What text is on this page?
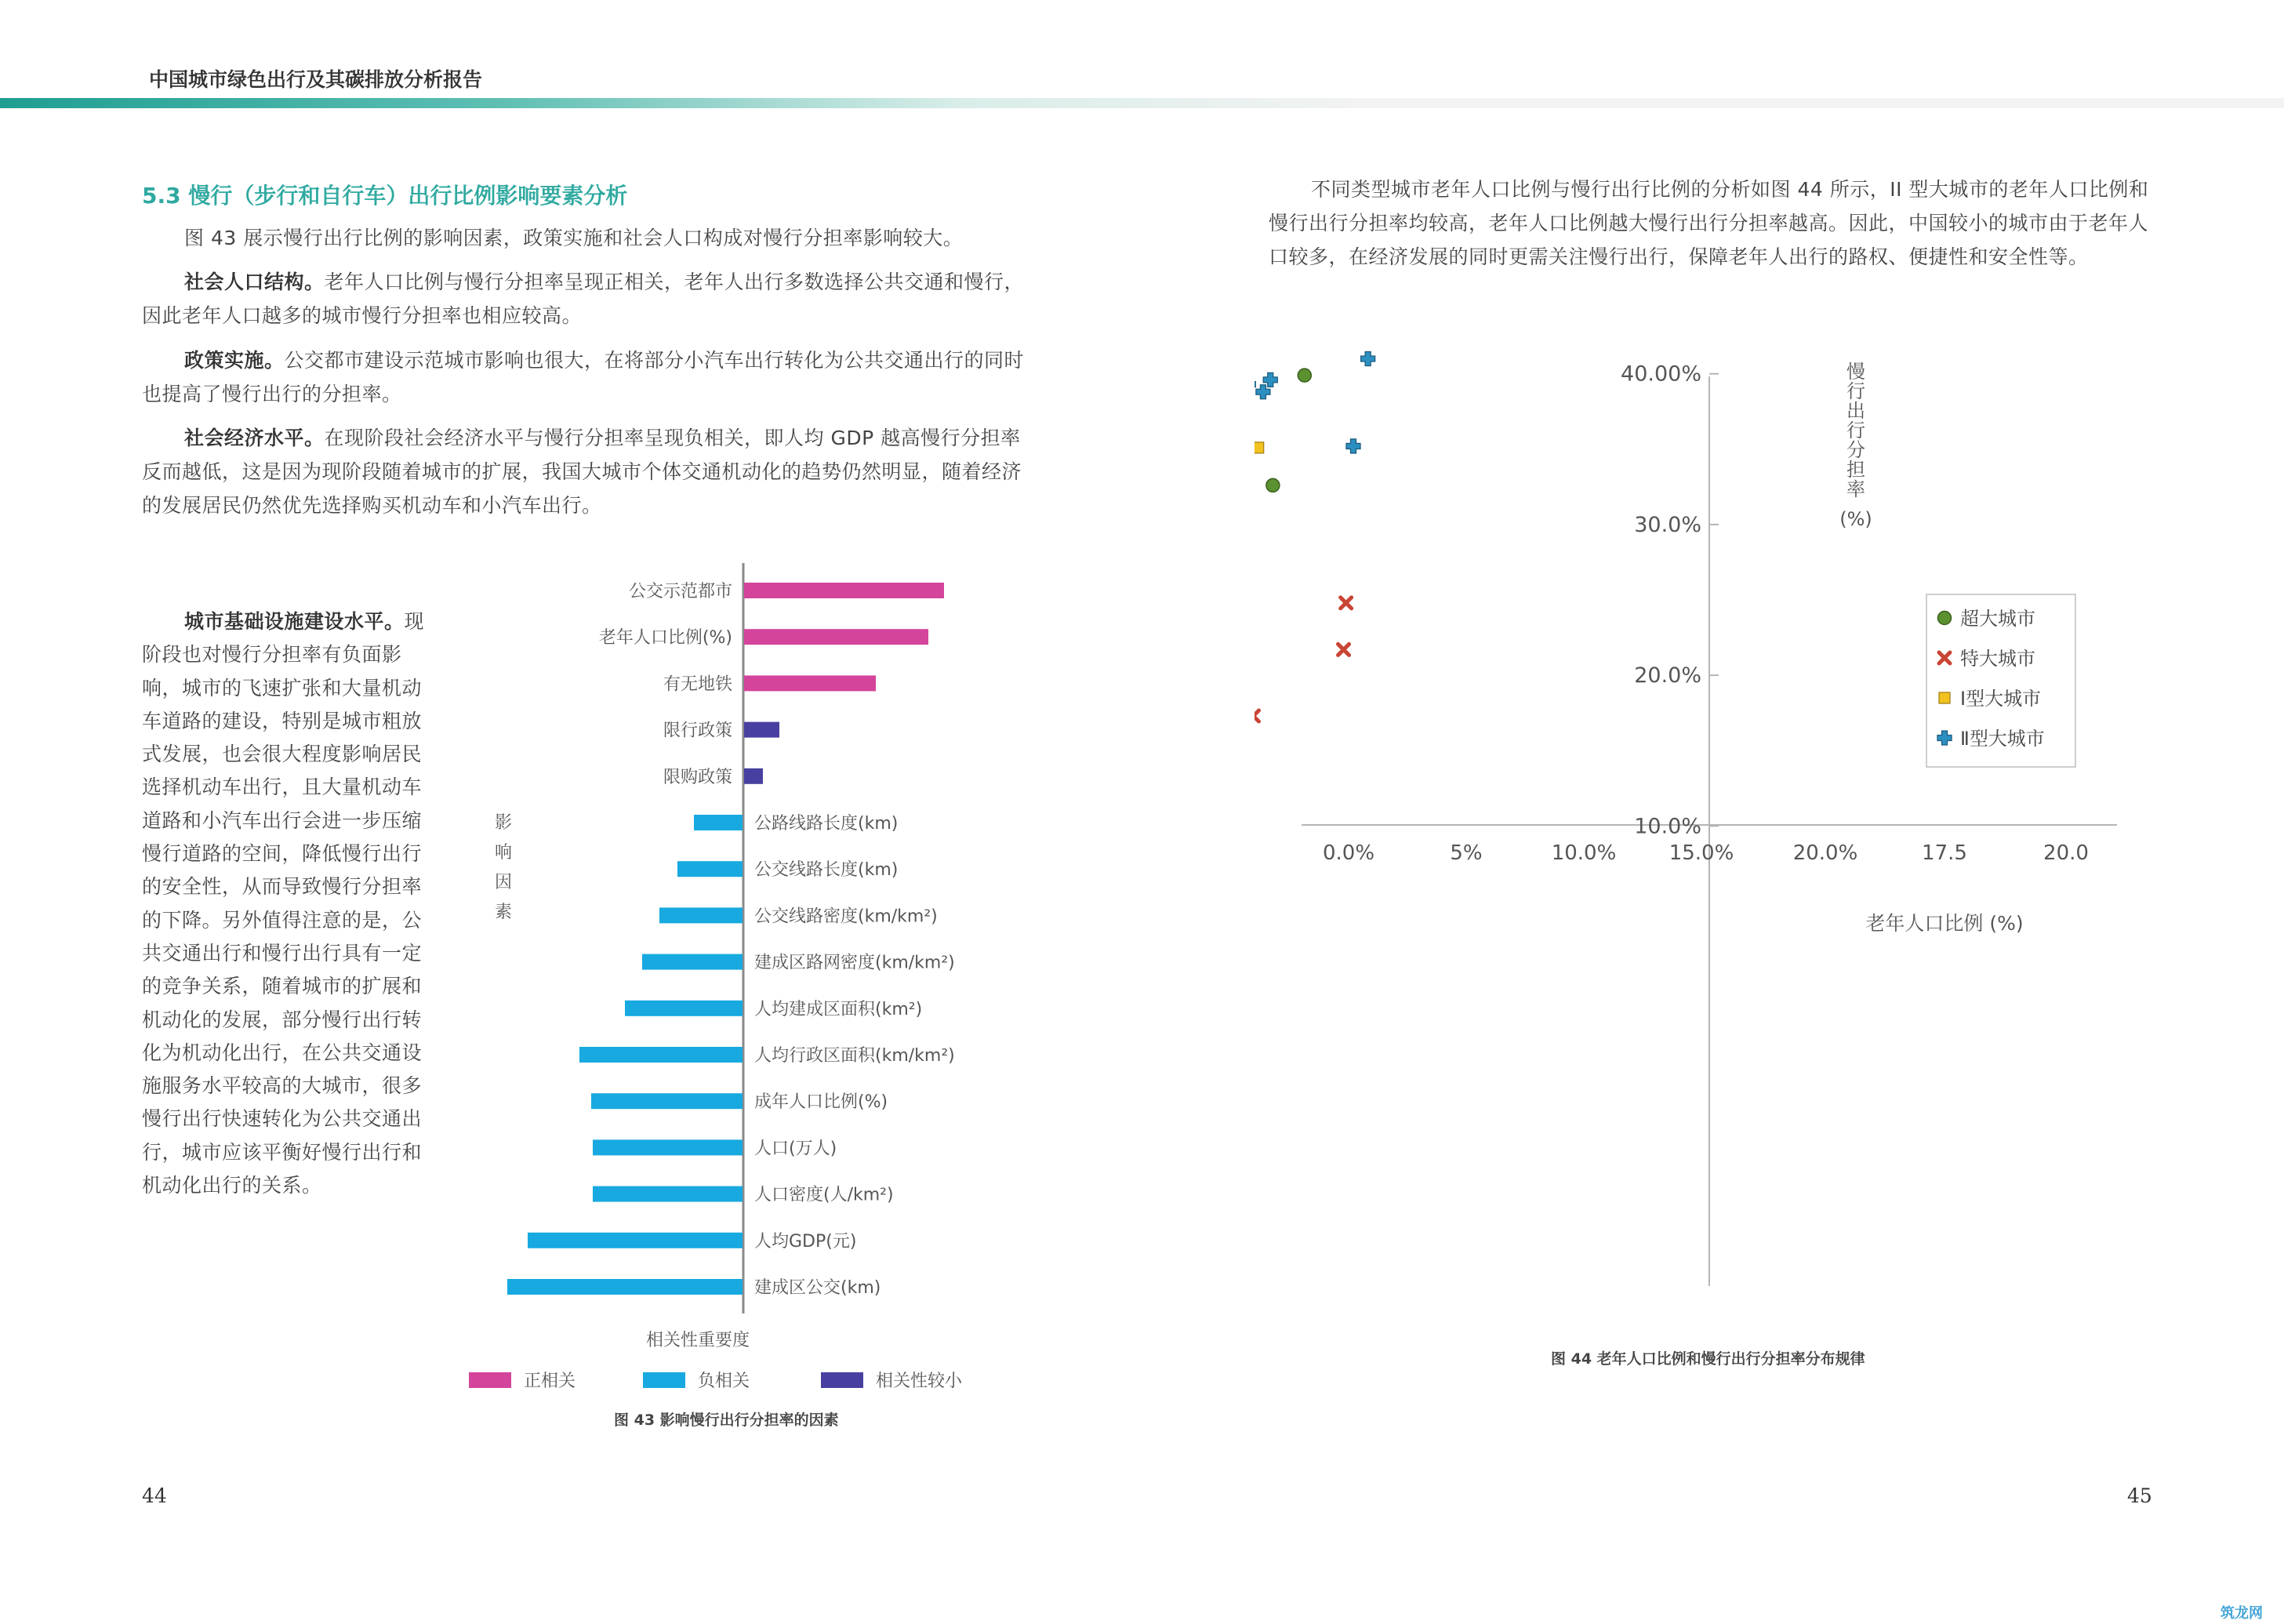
中国城市绿色出行及其碳排放分析报告
5.3 慢行（步行和自行车）出行比例影响要素分析
图 43 展示慢行出行比例的影响因素，政策实施和社会人口构成对慢行分担率影响较大。
社会人口结构。老年人口比例与慢行分担率呈现正相关，老年人出行多数选择公共交通和慢行，因此老年人口越多的城市慢行分担率也相应较高。
政策实施。公交都市建设示范城市影响也很大，在将部分小汽车出行转化为公共交通出行的同时也提高了慢行出行的分担率。
社会经济水平。在现阶段社会经济水平与慢行分担率呈现负相关，即人均 GDP 越高慢行分担率反而越低，这是因为现阶段随着城市的扩展，我国大城市个体交通机动化的趋势仍然明显，随着经济的发展居民仍然优先选择购买机动车和小汽车出行。
城市基础设施建设水平。现阶段也对慢行分担率有负面影响，城市的飞速扩张和大量机动车道路的建设，特别是城市粗放式发展，也会很大程度影响居民选择机动车出行，且大量机动车道路和小汽车出行会进一步压缩慢行道路的空间，降低慢行出行的安全性，从而导致慢行分担率的下降。另外值得注意的是，公共交通出行和慢行出行具有一定的竞争关系，随着城市的扩展和机动化的发展，部分慢行出行转化为机动化出行，在公共交通设施服务水平较高的大城市，很多慢行出行快速转化为公共交通出行，城市应该平衡好慢行出行和机动化出行的关系。
公交示范都市
老年人口比例(%)
有无地铁
限行政策
限购政策
公路线路长度(km)
公交线路长度(km)
公交线路密度(km/km²)
建成区路网密度(km/km²)
人均建成区面积(km²)
人均行政区面积(km/km²)
成年人口比例(%)
人口(万人)
人口密度(人/km²)
人均GDP(元)
建成区公交(km)
影
响
因
素
相关性重要度
正相关	负相关	相关性较小
图 43 影响慢行出行分担率的因素
44
不同类型城市老年人口比例与慢行出行比例的分析如图 44 所示，II 型大城市的老年人口比例和慢行出行分担率均较高，老年人口比例越大慢行出行分担率越高。因此，中国较小的城市由于老年人口较多，在经济发展的同时更需关注慢行出行，保障老年人出行的路权、便捷性和安全性等。
40.00%
30.0%
20.0%
10.0%
0.0%	5%	10.0%	15.0%	20.0%	17.5	20.0
老年人口比例 (%)
慢
行
出
行
分
担
率
(%)
超大城市
特大城市
Ⅰ型大城市
Ⅱ型大城市
图 44 老年人口比例和慢行出行分担率分布规律
45
筑龙网
